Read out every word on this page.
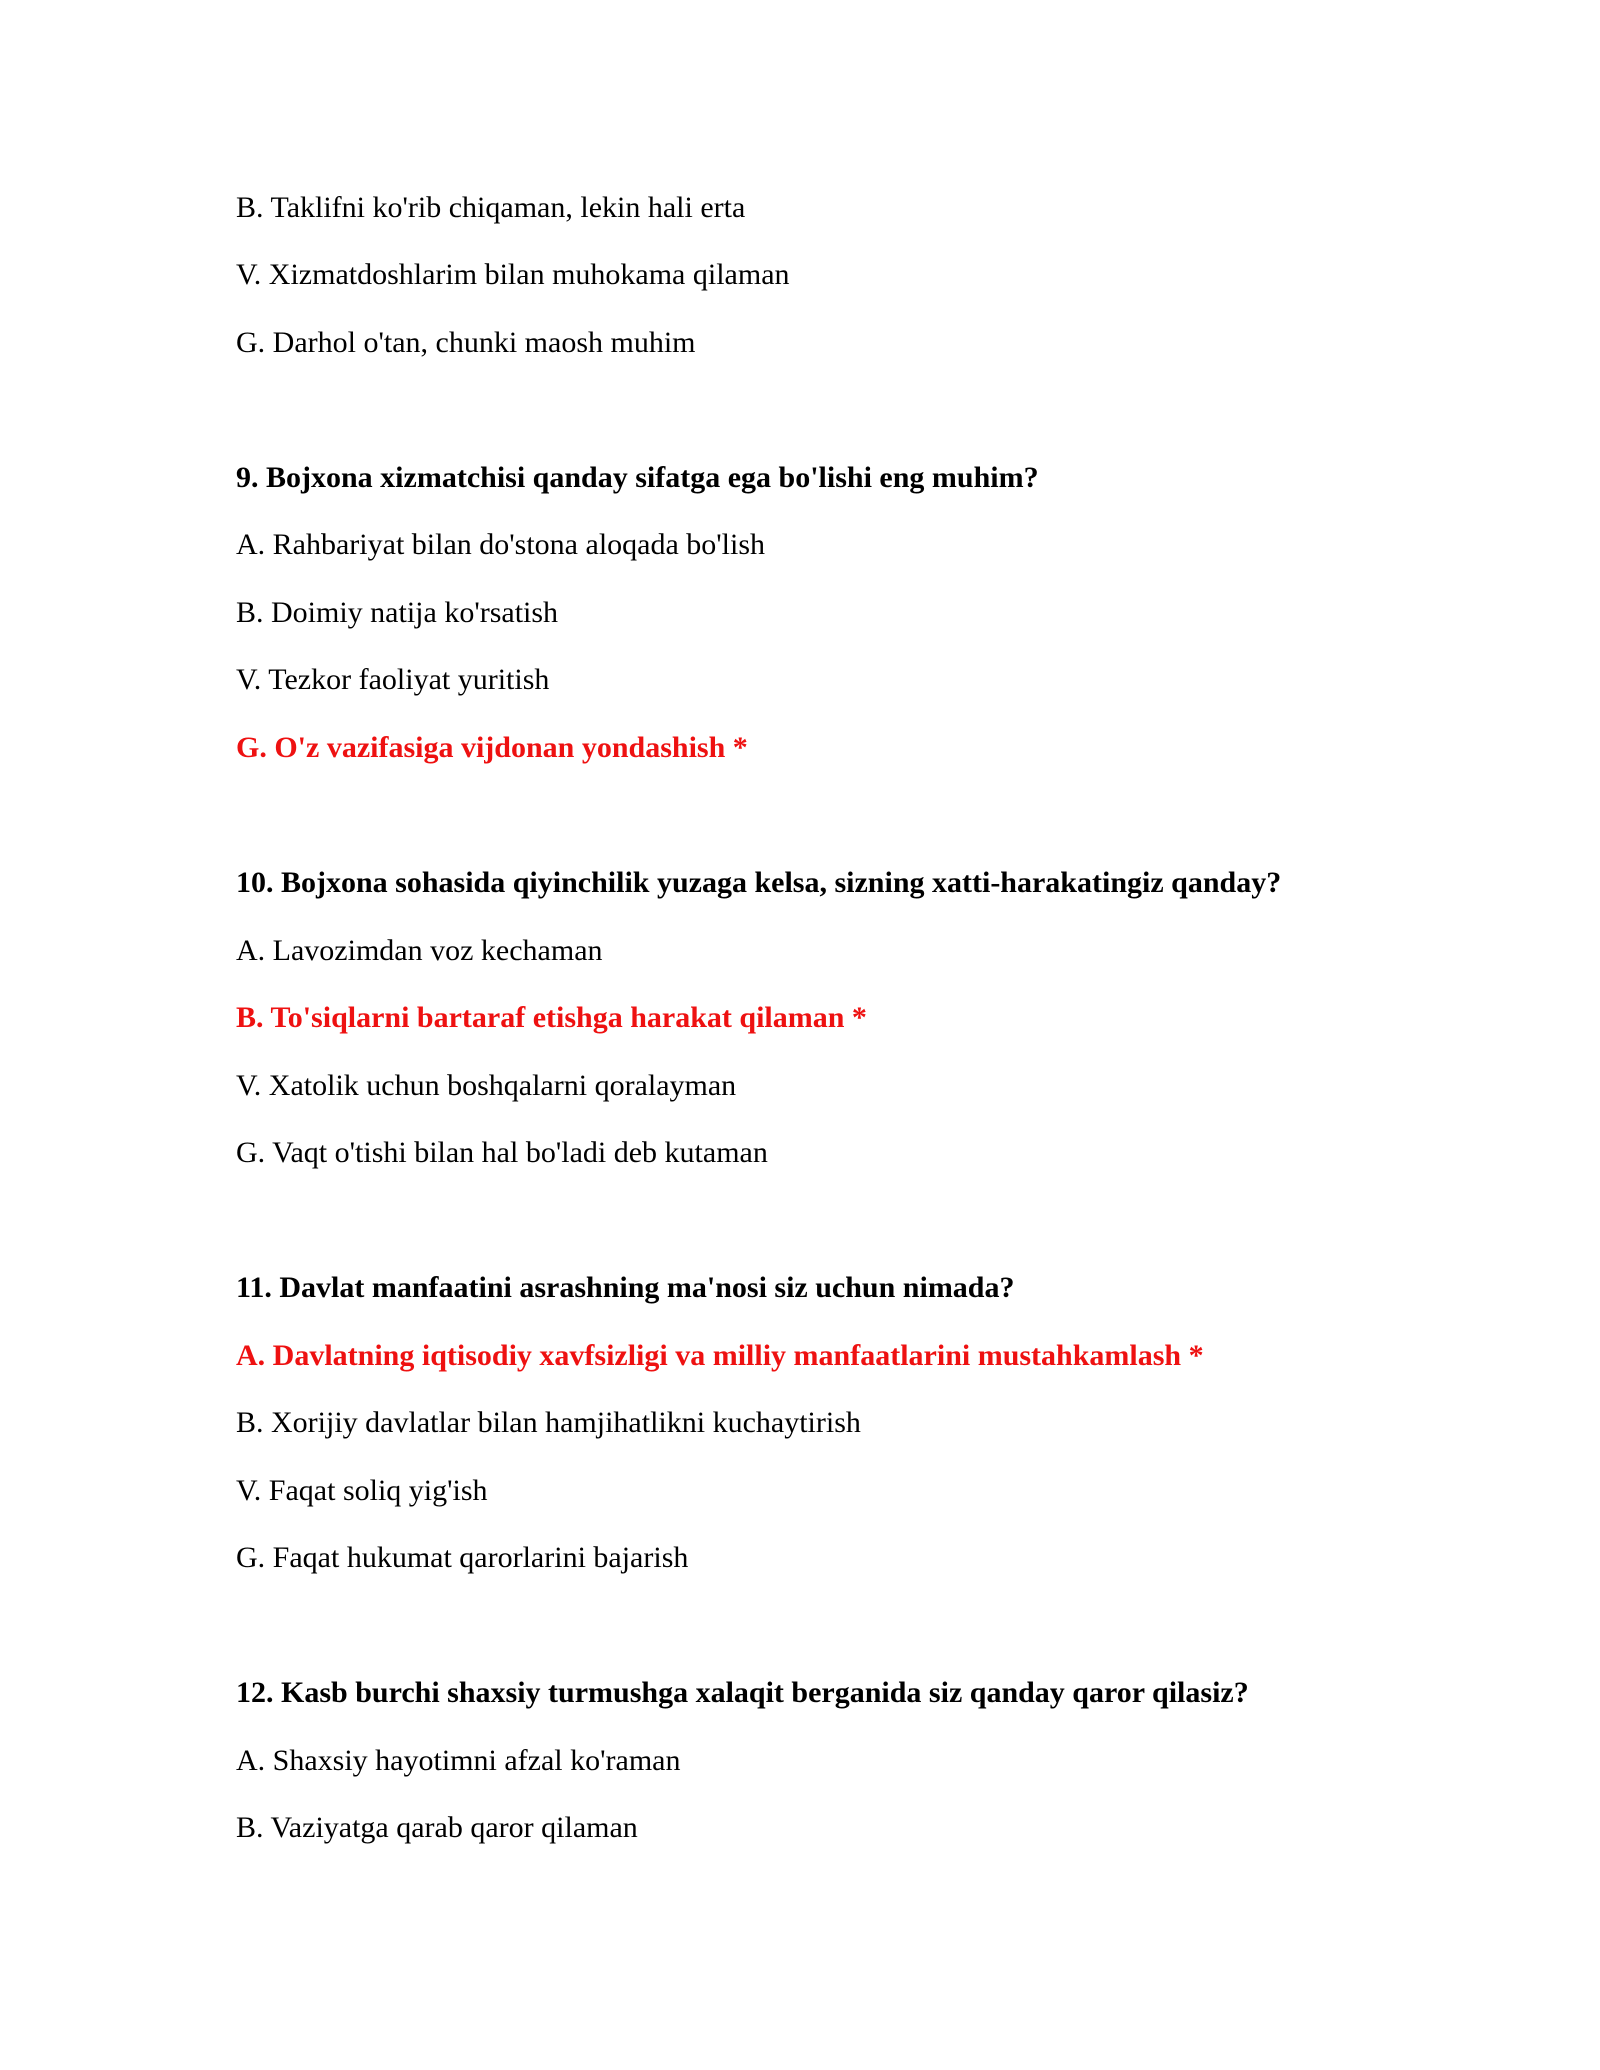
B. Taklifni ko'rib chiqaman, lekin hali erta
V. Xizmatdoshlarim bilan muhokama qilaman
G. Darhol o'tan, chunki maosh muhim
9. Bojxona xizmatchisi qanday sifatga ega bo'lishi eng muhim?
A. Rahbariyat bilan do'stona aloqada bo'lish
B. Doimiy natija ko'rsatish
V. Tezkor faoliyat yuritish
G. O'z vazifasiga vijdonan yondashish *
10. Bojxona sohasida qiyinchilik yuzaga kelsa, sizning xatti-harakatingiz qanday?
A. Lavozimdan voz kechaman
B. To'siqlarni bartaraf etishga harakat qilaman *
V. Xatolik uchun boshqalarni qoralayman
G. Vaqt o'tishi bilan hal bo'ladi deb kutaman
11. Davlat manfaatini asrashning ma'nosi siz uchun nimada?
A. Davlatning iqtisodiy xavfsizligi va milliy manfaatlarini mustahkamlash *
B. Xorijiy davlatlar bilan hamjihatlikni kuchaytirish
V. Faqat soliq yig'ish
G. Faqat hukumat qarorlarini bajarish
12. Kasb burchi shaxsiy turmushga xalaqit berganida siz qanday qaror qilasiz?
A. Shaxsiy hayotimni afzal ko'raman
B. Vaziyatga qarab qaror qilaman
